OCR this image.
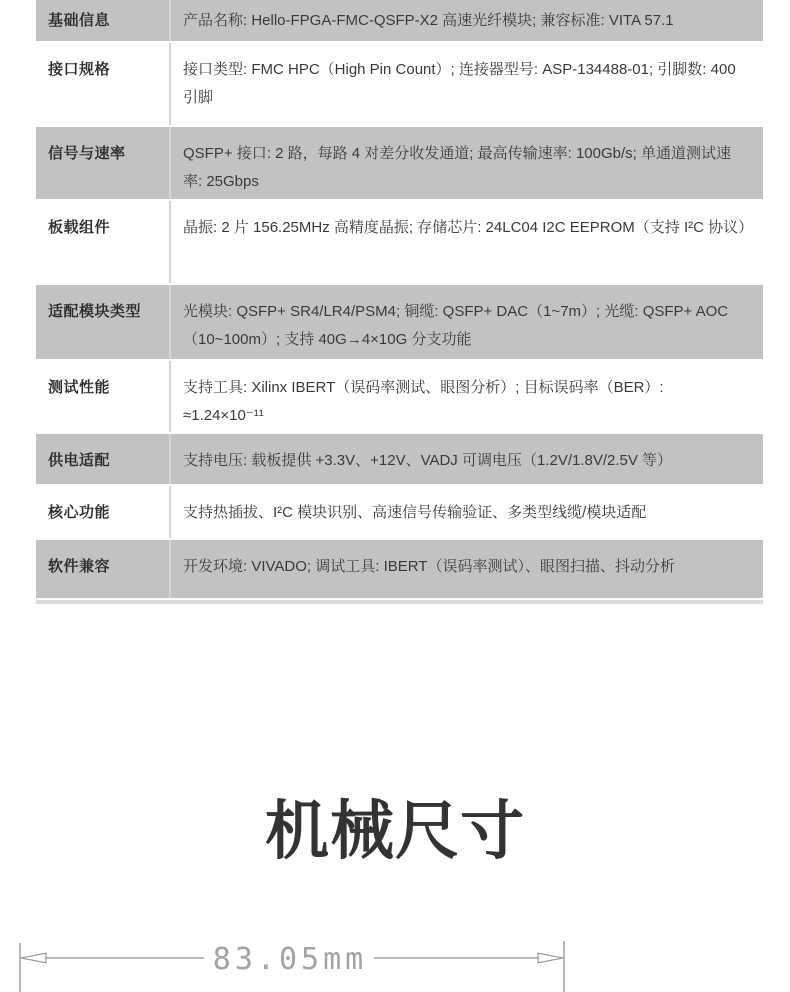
基础信息	产品名称: Hello-FPGA-FMC-QSFP-X2 高速光纤模块; 兼容标准: VITA 57.1
接口规格	接口类型: FMC HPC（High Pin Count）; 连接器型号: ASP-134488-01; 引脚数: 400 引脚
信号与速率	QSFP+ 接口: 2 路，每路 4 对差分收发通道; 最高传输速率: 100Gb/s; 单通道测试速率: 25Gbps
板载组件	晶振: 2 片 156.25MHz 高精度晶振; 存储芯片: 24LC04 I2C EEPROM（支持 I²C 协议）
适配模块类型	光模块: QSFP+ SR4/LR4/PSM4; 铜缆: QSFP+ DAC（1~7m）; 光缆: QSFP+ AOC（10~100m）; 支持 40G→4×10G 分支功能
测试性能	支持工具: Xilinx IBERT（误码率测试、眼图分析）; 目标误码率（BER）: ≈1.24×10⁻¹¹
供电适配	支持电压: 载板提供 +3.3V、+12V、VADJ 可调电压（1.2V/1.8V/2.5V 等）
核心功能	支持热插拔、I²C 模块识别、高速信号传输验证、多类型线缆/模块适配
软件兼容	开发环境: VIVADO; 调试工具: IBERT（误码率测试）、眼图扫描、抖动分析
机械尺寸
83.05mm
